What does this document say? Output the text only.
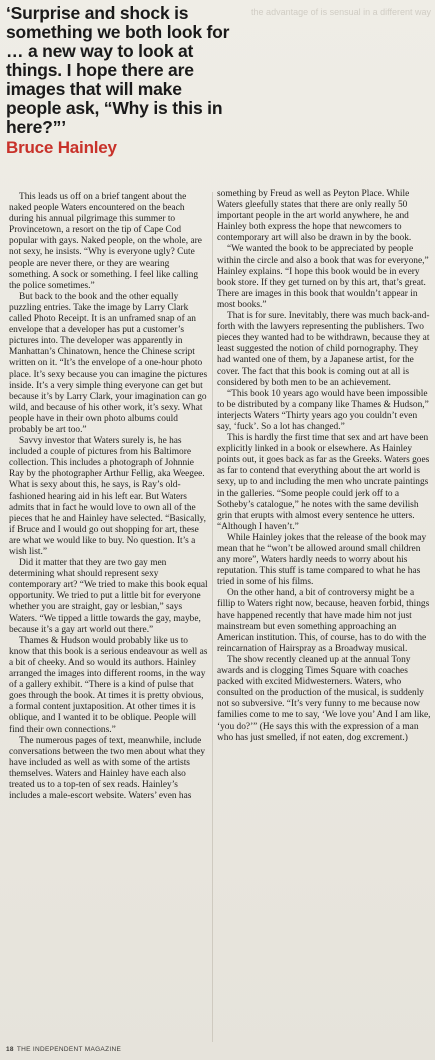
the advantage of is sensual in a different way
‘Surprise and shock is something we both look for … a new way to look at things. I hope there are images that will make people ask, “Why is this in here?”’
Bruce Hainley

This leads us off on a brief tangent about the naked people Waters encountered on the beach during his annual pilgrimage this summer to Provincetown, a resort on the tip of Cape Cod popular with gays. Naked people, on the whole, are not sexy, he insists. “Why is everyone ugly? Cute people are never there, or they are wearing something. A sock or something. I feel like calling the police sometimes.”

But back to the book and the other equally puzzling entries. Take the image by Larry Clark called Photo Receipt. It is an unframed snap of an envelope that a developer has put a customer’s pictures into. The developer was apparently in Manhattan’s Chinatown, hence the Chinese script written on it. “It’s the envelope of a one-hour photo place. It’s sexy because you can imagine the pictures inside. It’s a very simple thing everyone can get but because it’s by Larry Clark, your imagination can go wild, and because of his other work, it’s sexy. What people have in their own photo albums could probably be art too.”

Savvy investor that Waters surely is, he has included a couple of pictures from his Baltimore collection. This includes a photograph of Johnnie Ray by the photographer Arthur Fellig, aka Weegee. What is sexy about this, he says, is Ray’s old-fashioned hearing aid in his left ear. But Waters admits that in fact he would love to own all of the pieces that he and Hainley have selected. “Basically, if Bruce and I would go out shopping for art, these are what we would like to buy. No question. It’s a wish list.”

Did it matter that they are two gay men determining what should represent sexy contemporary art? “We tried to make this book equal opportunity. We tried to put a little bit for everyone whether you are straight, gay or lesbian,” says Waters. “We tipped a little towards the gay, maybe, because it’s a gay art world out there.”

Thames & Hudson would probably like us to know that this book is a serious endeavour as well as a bit of cheeky. And so would its authors. Hainley arranged the images into different rooms, in the way of a gallery exhibit. “There is a kind of pulse that goes through the book. At times it is pretty obvious, a formal content juxtaposition. At other times it is oblique, and I wanted it to be oblique. People will find their own connections.”

The numerous pages of text, meanwhile, include conversations between the two men about what they have included as well as with some of the artists themselves. Waters and Hainley have each also treated us to a top-ten of sex reads. Hainley’s includes a male-escort website. Waters’ even has

something by Freud as well as Peyton Place. While Waters gleefully states that there are only really 50 important people in the art world anywhere, he and Hainley both express the hope that newcomers to contemporary art will also be drawn in by the book.

“We wanted the book to be appreciated by people within the circle and also a book that was for everyone,” Hainley explains. “I hope this book would be in every book store. If they get turned on by this art, that’s great. There are images in this book that wouldn’t appear in most books.”

That is for sure. Inevitably, there was much back-and-forth with the lawyers representing the publishers. Two pieces they wanted had to be withdrawn, because they at least suggested the notion of child pornography. They had wanted one of them, by a Japanese artist, for the cover. The fact that this book is coming out at all is considered by both men to be an achievement.

“This book 10 years ago would have been impossible to be distributed by a company like Thames & Hudson,” interjects Waters “Thirty years ago you couldn’t even say, ‘fuck’. So a lot has changed.”

This is hardly the first time that sex and art have been explicitly linked in a book or elsewhere. As Hainley points out, it goes back as far as the Greeks. Waters goes as far to contend that everything about the art world is sexy, up to and including the men who uncrate paintings in the galleries. “Some people could jerk off to a Sotheby’s catalogue,” he notes with the same devilish grin that erupts with almost every sentence he utters. “Although I haven’t.”

While Hainley jokes that the release of the book may mean that he “won’t be allowed around small children any more”, Waters hardly needs to worry about his reputation. This stuff is tame compared to what he has tried in some of his films.

On the other hand, a bit of controversy might be a fillip to Waters right now, because, heaven forbid, things have happened recently that have made him not just mainstream but even something approaching an American institution. This, of course, has to do with the reincarnation of Hairspray as a Broadway musical.

The show recently cleaned up at the annual Tony awards and is clogging Times Square with coaches packed with excited Midwesterners. Waters, who consulted on the production of the musical, is suddenly not so subversive. “It’s very funny to me because now families come to me to say, ‘We love you’ And I am like, ‘you do?’” (He says this with the expression of a man who has just smelled, if not eaten, dog excrement.)

18 THE INDEPENDENT MAGAZINE
